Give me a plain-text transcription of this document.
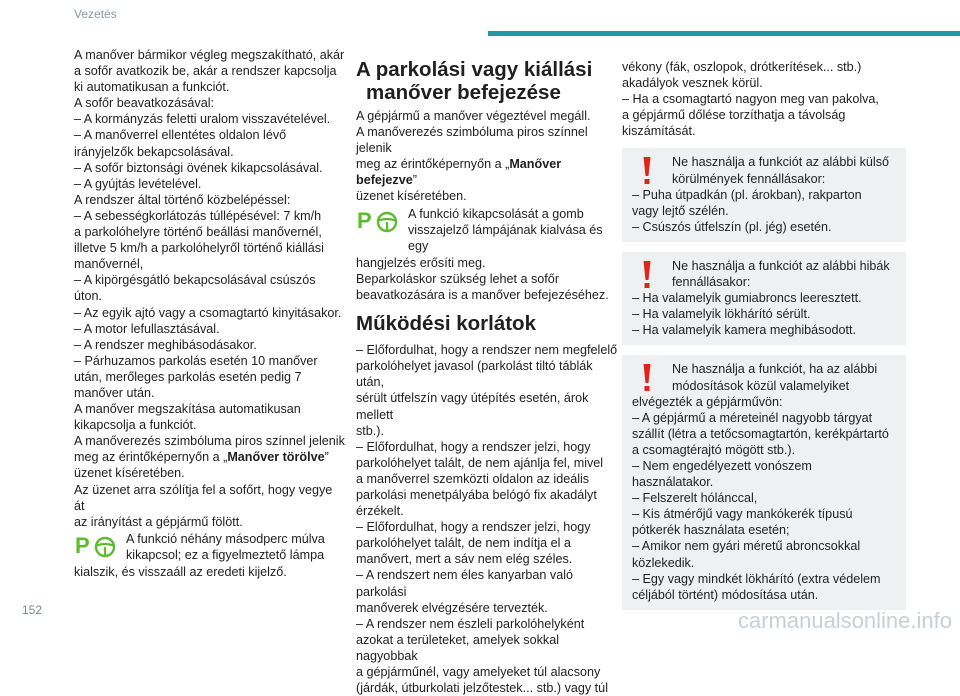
Vezetés

A manőver bármikor végleg megszakítható, akár

a sofőr avatkozik be, akár a rendszer kapcsolja

ki automatikusan a funkciót.

A sofőr beavatkozásával:

– A kormányzás feletti uralom visszavételével.

– A manőverrel ellentétes oldalon lévő

irányjelzők bekapcsolásával.

– A sofőr biztonsági övének kikapcsolásával.

– A gyújtás levételével.

A rendszer által történő közbelépéssel:

– A sebességkorlátozás túllépésével: 7 km/h

a parkolóhelyre történő beállási manővernél,

illetve 5 km/h a parkolóhelyről történő kiállási

manővernél,

– A kipörgésgátló bekapcsolásával csúszós

úton.

– Az egyik ajtó vagy a csomagtartó kinyitásakor.

– A motor lefullasztásával.

– A rendszer meghibásodásakor.

– Párhuzamos parkolás esetén 10 manőver

után, merőleges parkolás esetén pedig 7

manőver után.

A manőver megszakítása automatikusan

kikapcsolja a funkciót.

A manőverezés szimbóluma piros színnel jelenik

meg az érintőképernyőn a „Manőver törölve”

üzenet kíséretében.

Az üzenet arra szólítja fel a sofőrt, hogy vegye át

az irányítást a gépjármű fölött.

P	A funkció néhány másodperc múlva

kikapcsol; ez a figyelmeztető lámpa

kialszik, és visszaáll az eredeti kijelző.

A parkolási vagy kiállási
manőver befejezése

A gépjármű a manőver végeztével megáll.

A manőverezés szimbóluma piros színnel jelenik

meg az érintőképernyőn a „Manőver befejezve”

üzenet kíséretében.

P	A funkció kikapcsolását a gomb

visszajelző lámpájának kialvása és egy

hangjelzés erősíti meg.

Beparkoláskor szükség lehet a sofőr

beavatkozására is a manőver befejezéséhez.

Működési korlátok

– Előfordulhat, hogy a rendszer nem megfelelő

parkolóhelyet javasol (parkolást tiltó táblák után,

sérült útfelszín vagy útépítés esetén, árok mellett

stb.).

– Előfordulhat, hogy a rendszer jelzi, hogy

parkolóhelyet talált, de nem ajánlja fel, mivel

a manőverrel szemközti oldalon az ideális

parkolási menetpályába belógó fix akadályt

érzékelt.

– Előfordulhat, hogy a rendszer jelzi, hogy

parkolóhelyet talált, de nem indítja el a

manővert, mert a sáv nem elég széles.

– A rendszert nem éles kanyarban való parkolási

manőverek elvégzésére tervezték.

– A rendszer nem észleli parkolóhelyként

azokat a területeket, amelyek sokkal nagyobbak

a gépjárműnél, vagy amelyeket túl alacsony

(járdák, útburkolati jelzőtestek... stb.) vagy túl

vékony (fák, oszlopok, drótkerítések... stb.)

akadályok vesznek körül.

– Ha a csomagtartó nagyon meg van pakolva,

a gépjármű dőlése torzíthatja a távolság

kiszámítását.

Ne használja a funkciót az alábbi külső

körülmények fennállásakor:

– Puha útpadkán (pl. árokban), rakparton

vagy lejtő szélén.

– Csúszós útfelszín (pl. jég) esetén.

Ne használja a funkciót az alábbi hibák

fennállásakor:

– Ha valamelyik gumiabroncs leeresztett.

– Ha valamelyik lökhárító sérült.

– Ha valamelyik kamera meghibásodott.

Ne használja a funkciót, ha az alábbi

módosítások közül valamelyiket

elvégezték a gépjárművön:

– A gépjármű a méreteinél nagyobb tárgyat

szállít (létra a tetőcsomagtartón, kerékpártartó

a csomagtérajtó mögött stb.).

– Nem engedélyezett vonószem

használatakor.

– Felszerelt hólánccal,

– Kis átmérőjű vagy mankókerék típusú

pótkerék használata esetén;

– Amikor nem gyári méretű abroncsokkal

közlekedik.

– Egy vagy mindkét lökhárító (extra védelem

céljából történt) módosítása után.

152	carmanualsonline.info
